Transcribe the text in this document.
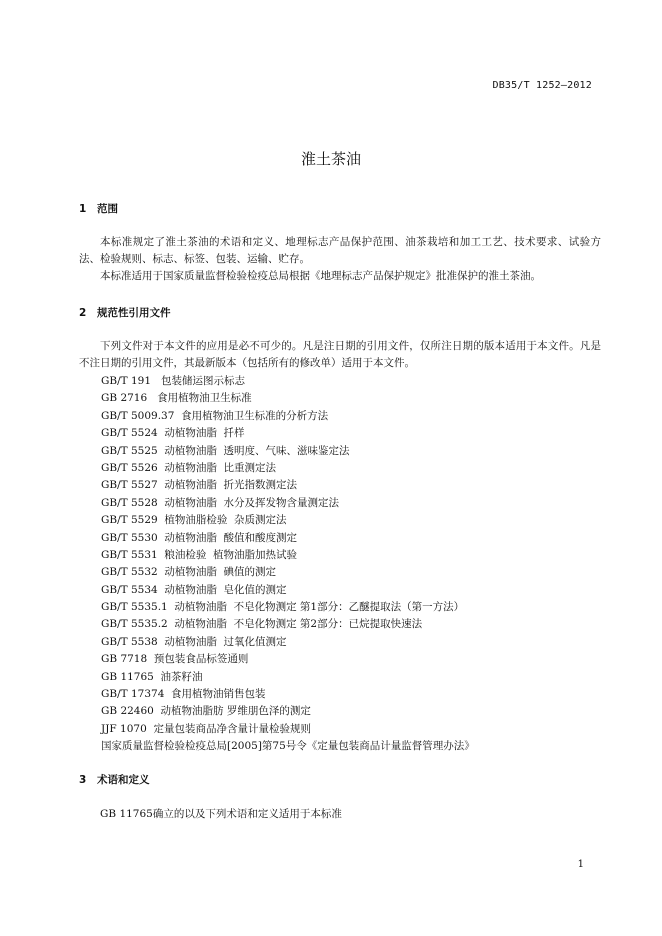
DB35/T 1252—2012
淮土茶油
1 范围
本标准规定了淮土茶油的术语和定义、地理标志产品保护范围、油茶栽培和加工工艺、技术要求、试验方法、检验规则、标志、标签、包装、运输、贮存。
本标准适用于国家质量监督检验检疫总局根据《地理标志产品保护规定》批准保护的淮土茶油。
2 规范性引用文件
下列文件对于本文件的应用是必不可少的。凡是注日期的引用文件，仅所注日期的版本适用于本文件。凡是不注日期的引用文件，其最新版本（包括所有的修改单）适用于本文件。
GB/T 191   包装储运图示标志
GB 2716   食用植物油卫生标准
GB/T 5009.37  食用植物油卫生标准的分析方法
GB/T 5524  动植物油脂  扦样
GB/T 5525  动植物油脂  透明度、气味、滋味鉴定法
GB/T 5526  动植物油脂  比重测定法
GB/T 5527  动植物油脂  折光指数测定法
GB/T 5528  动植物油脂  水分及挥发物含量测定法
GB/T 5529  植物油脂检验  杂质测定法
GB/T 5530  动植物油脂  酸值和酸度测定
GB/T 5531  粮油检验  植物油脂加热试验
GB/T 5532  动植物油脂  碘值的测定
GB/T 5534  动植物油脂  皂化值的测定
GB/T 5535.1  动植物油脂  不皂化物测定 第1部分：乙醚提取法（第一方法）
GB/T 5535.2  动植物油脂  不皂化物测定 第2部分：已烷提取快速法
GB/T 5538  动植物油脂  过氧化值测定
GB 7718  预包装食品标签通则
GB 11765  油茶籽油
GB/T 17374  食用植物油销售包装
GB 22460  动植物油脂肪 罗维朋色泽的测定
JJF 1070  定量包装商品净含量计量检验规则
国家质量监督检验检疫总局[2005]第75号令《定量包装商品计量监督管理办法》
3 术语和定义
GB 11765确立的以及下列术语和定义适用于本标准
1
